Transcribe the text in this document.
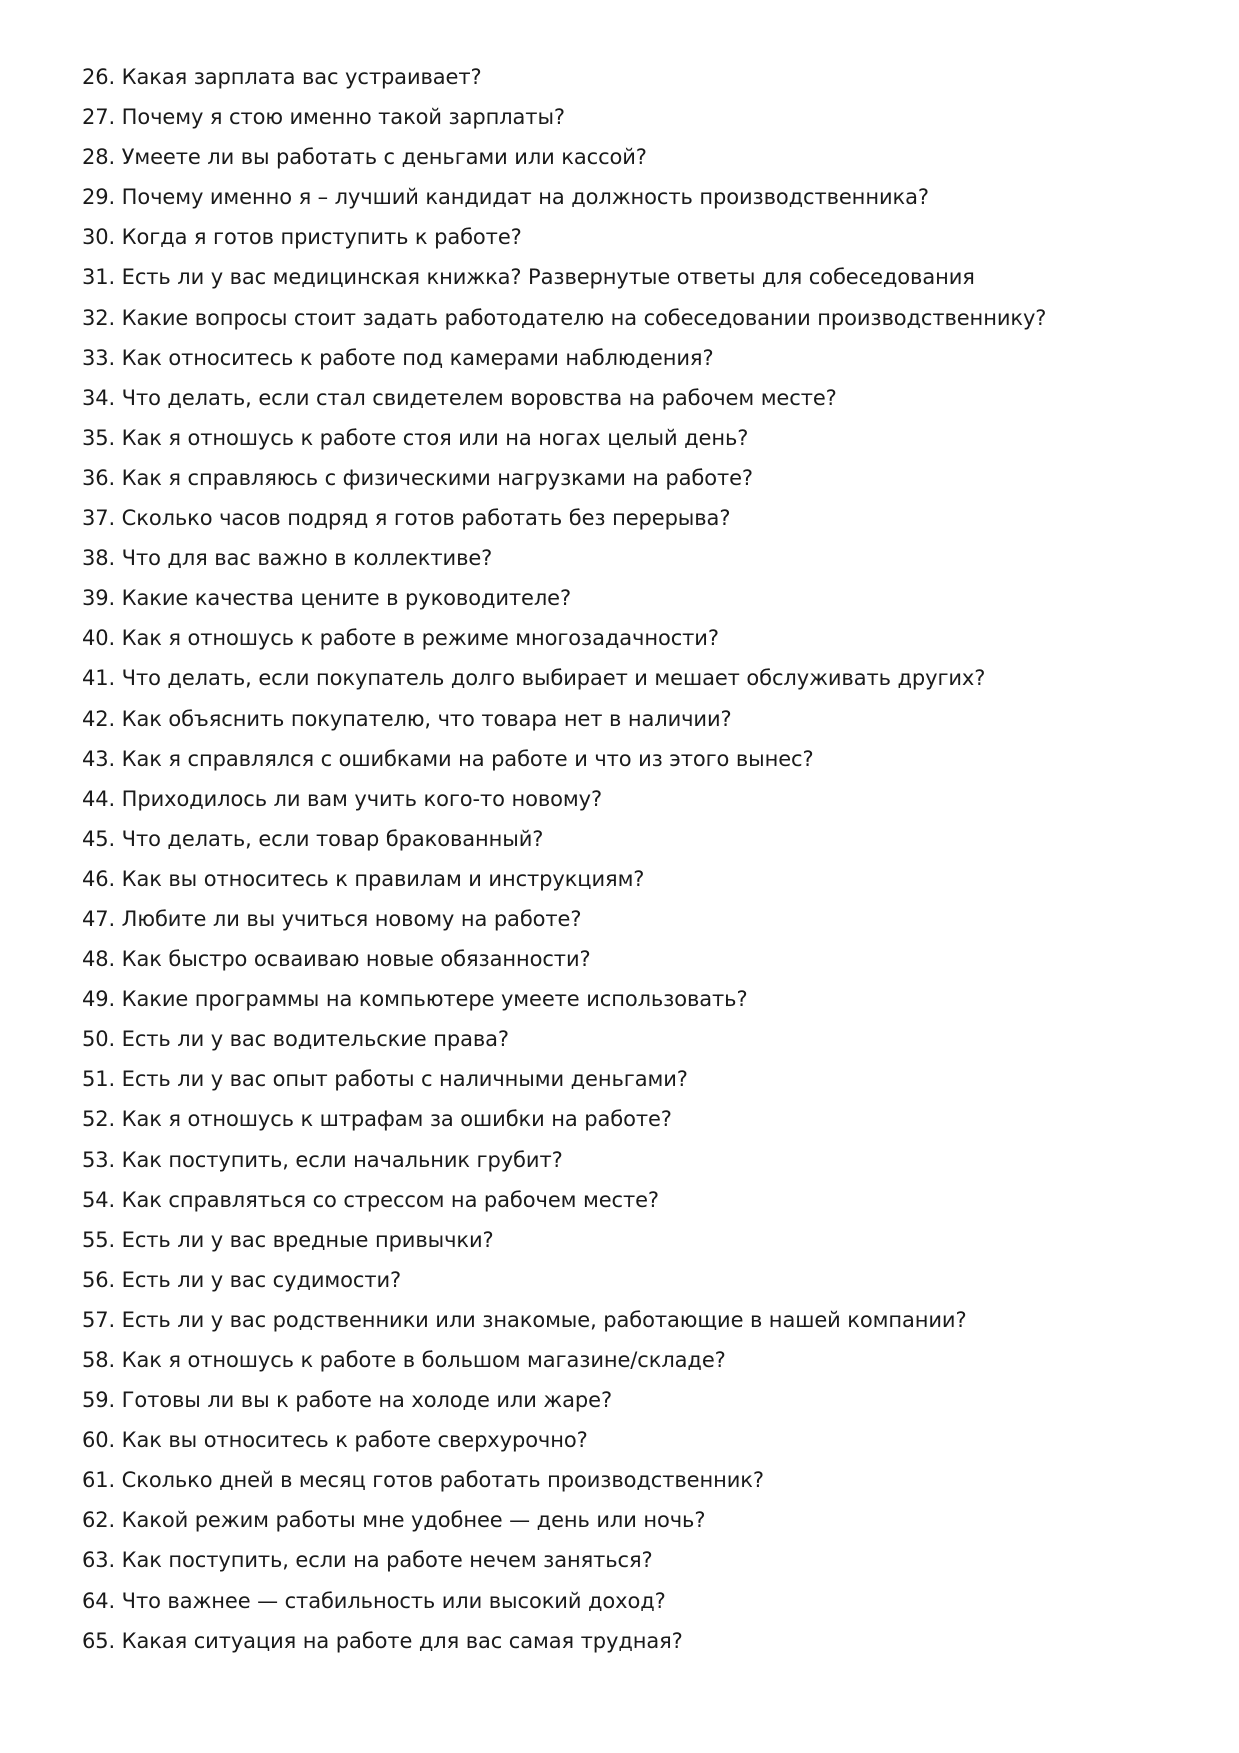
26. Какая зарплата вас устраивает?
27. Почему я стою именно такой зарплаты?
28. Умеете ли вы работать с деньгами или кассой?
29. Почему именно я – лучший кандидат на должность производственника?
30. Когда я готов приступить к работе?
31. Есть ли у вас медицинская книжка? Развернутые ответы для собеседования
32. Какие вопросы стоит задать работодателю на собеседовании производственнику?
33. Как относитесь к работе под камерами наблюдения?
34. Что делать, если стал свидетелем воровства на рабочем месте?
35. Как я отношусь к работе стоя или на ногах целый день?
36. Как я справляюсь с физическими нагрузками на работе?
37. Сколько часов подряд я готов работать без перерыва?
38. Что для вас важно в коллективе?
39. Какие качества цените в руководителе?
40. Как я отношусь к работе в режиме многозадачности?
41. Что делать, если покупатель долго выбирает и мешает обслуживать других?
42. Как объяснить покупателю, что товара нет в наличии?
43. Как я справлялся с ошибками на работе и что из этого вынес?
44. Приходилось ли вам учить кого-то новому?
45. Что делать, если товар бракованный?
46. Как вы относитесь к правилам и инструкциям?
47. Любите ли вы учиться новому на работе?
48. Как быстро осваиваю новые обязанности?
49. Какие программы на компьютере умеете использовать?
50. Есть ли у вас водительские права?
51. Есть ли у вас опыт работы с наличными деньгами?
52. Как я отношусь к штрафам за ошибки на работе?
53. Как поступить, если начальник грубит?
54. Как справляться со стрессом на рабочем месте?
55. Есть ли у вас вредные привычки?
56. Есть ли у вас судимости?
57. Есть ли у вас родственники или знакомые, работающие в нашей компании?
58. Как я отношусь к работе в большом магазине/складе?
59. Готовы ли вы к работе на холоде или жаре?
60. Как вы относитесь к работе сверхурочно?
61. Сколько дней в месяц готов работать производственник?
62. Какой режим работы мне удобнее — день или ночь?
63. Как поступить, если на работе нечем заняться?
64. Что важнее — стабильность или высокий доход?
65. Какая ситуация на работе для вас самая трудная?
